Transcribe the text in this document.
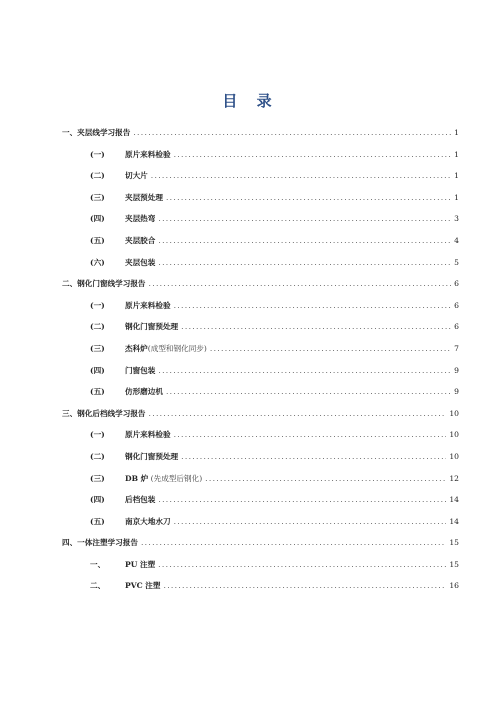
目 录
一、夹层线学习报告 .....	1
(一)	原片来料检验 .....	1
(二)	切大片 .....	1
(三)	夹层预处理 .....	1
(四)	夹层热弯 .....	3
(五)	夹层胶合 .....	4
(六)	夹层包装 .....	5
二、钢化门窗线学习报告 .....	6
(一)	原片来料检验 .....	6
(二)	钢化门窗预处理 .....	6
(三)	杰科炉(成型和钢化同步) .....	7
(四)	门窗包装 .....	9
(五)	仿形磨边机 .....	9
三、钢化后档线学习报告 .....	10
(一)	原片来料检验 .....	10
(二)	钢化门窗预处理 .....	10
(三)	DB 炉 (先成型后钢化) .....	12
(四)	后档包装 .....	14
(五)	南京大地水刀 .....	14
四、一体注塑学习报告 .....	15
一、	PU 注塑 .....	15
二、	PVC 注塑 .....	16
